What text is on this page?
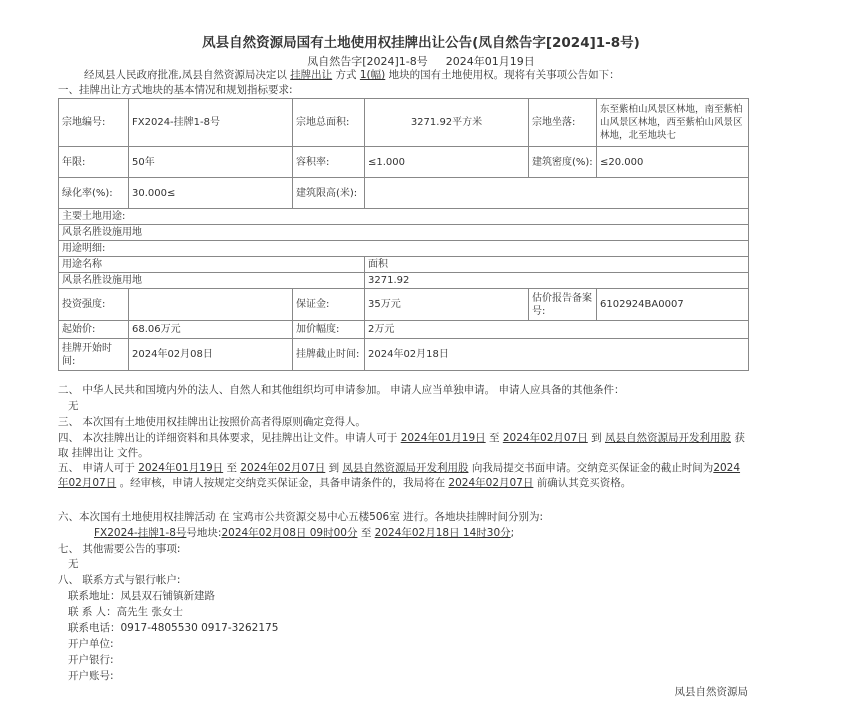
凤县自然资源局国有土地使用权挂牌出让公告(凤自然告字[2024]1-8号)
凤自然告字[2024]1-8号 2024年01月19日
经凤县人民政府批准,凤县自然资源局决定以 挂牌出让 方式 1(幅) 地块的国有土地使用权。现将有关事项公告如下：
一、挂牌出让方式地块的基本情况和规划指标要求:
宗地编号:	FX2024-挂牌1-8号	宗地总面积:	3271.92平方米	宗地坐落:	东至紫柏山风景区林地，南至紫柏山风景区林地，西至紫柏山风景区林地，北至地块七
年限:	50年	容积率:	≤1.000	建筑密度(%):	≤20.000
绿化率(%):	30.000≤	建筑限高(米):			
主要土地用途:					
风景名胜设施用地					
用途明细:					
用途名称			面积		
风景名胜设施用地			3271.92		
投资强度:		保证金:	35万元	估价报告备案号:	6102924BA0007
起始价:	68.06万元	加价幅度:	2万元		
挂牌开始时间:	2024年02月08日	挂牌截止时间:	2024年02月18日		
二、 中华人民共和国境内外的法人、自然人和其他组织均可申请参加。 申请人应当单独申请。 申请人应具备的其他条件：
无
三、 本次国有土地使用权挂牌出让按照价高者得原则确定竞得人。
四、 本次挂牌出让的详细资料和具体要求，见挂牌出让文件。申请人可于 2024年01月19日 至 2024年02月07日 到 凤县自然资源局开发利用股 获取 挂牌出让 文件。
五、 申请人可于 2024年01月19日 至 2024年02月07日 到 凤县自然资源局开发利用股 向我局提交书面申请。交纳竞买保证金的截止时间为2024年02月07日 。经审核，申请人按规定交纳竞买保证金，具备申请条件的，我局将在 2024年02月07日 前确认其竞买资格。
六、本次国有土地使用权挂牌活动 在 宝鸡市公共资源交易中心五楼506室 进行。各地块挂牌时间分别为:
FX2024-挂牌1-8号号地块:2024年02月08日 09时00分 至 2024年02月18日 14时30分;
七、 其他需要公告的事项:
无
八、 联系方式与银行帐户:
联系地址：凤县双石铺镇新建路
联 系 人：高先生 张女士
联系电话：0917-4805530 0917-3262175
开户单位:
开户银行:
开户账号:
凤县自然资源局
